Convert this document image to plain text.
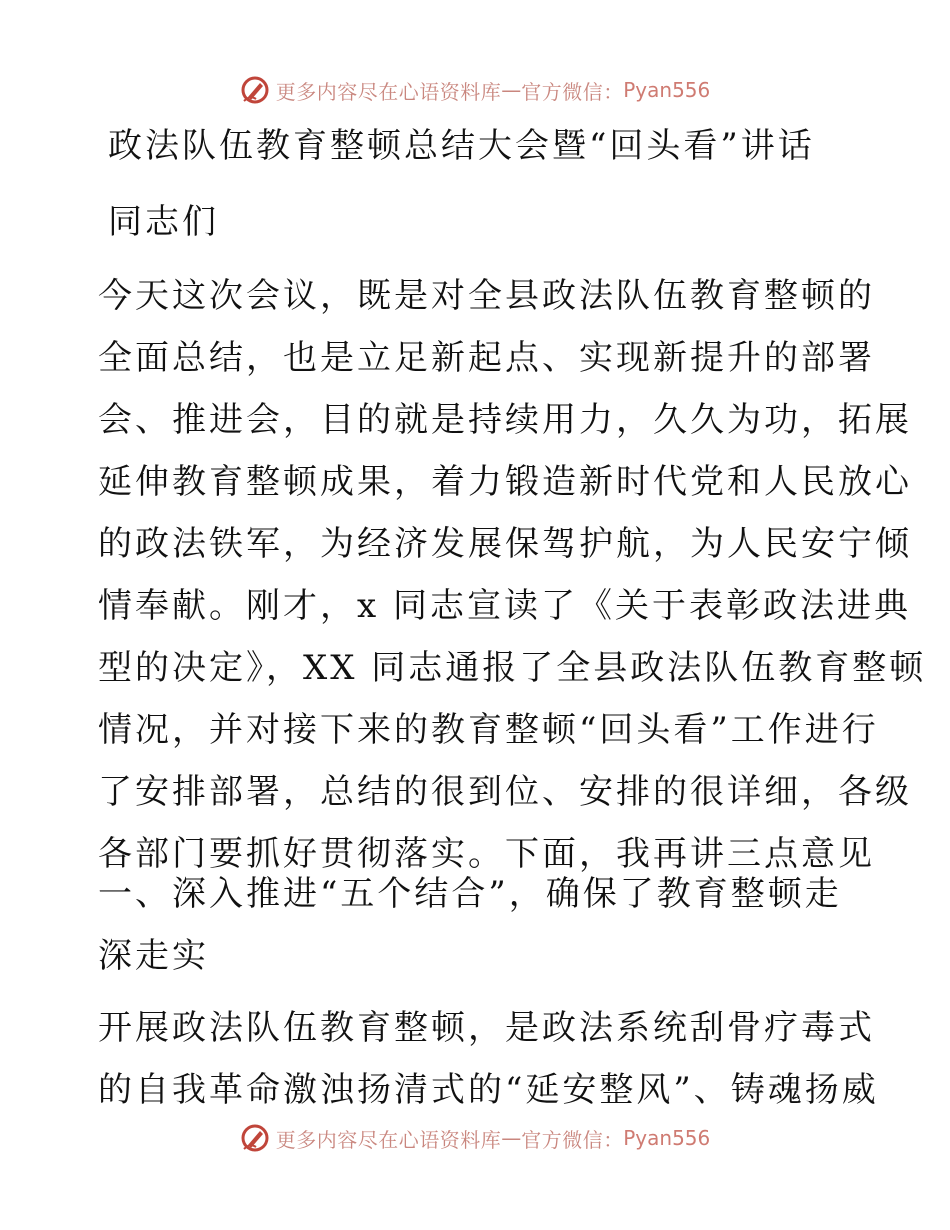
更多内容尽在心语资料库 — 官方微信 ： Pyan556
政法队伍教育整顿总结大会暨“回头看”讲话
同志们
今天这次会议，既是对全县政法队伍教育整顿的
全面总结，也是立足新起点、实现新提升的部署
会、推进会，目的就是持续用力，久久为功，拓展
延伸教育整顿成果，着力锻造新时代党和人民放心
的政法铁军，为经济发展保驾护航，为人民安宁倾
情奉献。刚才，x 同志宣读了《关于表彰政法进典
型的决定》，XX 同志通报了全县政法队伍教育整顿
情况，并对接下来的教育整顿“回头看”工作进行
了安排部署，总结的很到位、安排的很详细，各级
各部门要抓好贯彻落实。下面，我再讲三点意见
一、深入推进“五个结合”，确保了教育整顿走
深走实
开展政法队伍教育整顿，是政法系统刮骨疗毒式
的自我革命激浊扬清式的“延安整风”、铸魂扬威
更多内容尽在心语资料库 — 官方微信 ： Pyan556
